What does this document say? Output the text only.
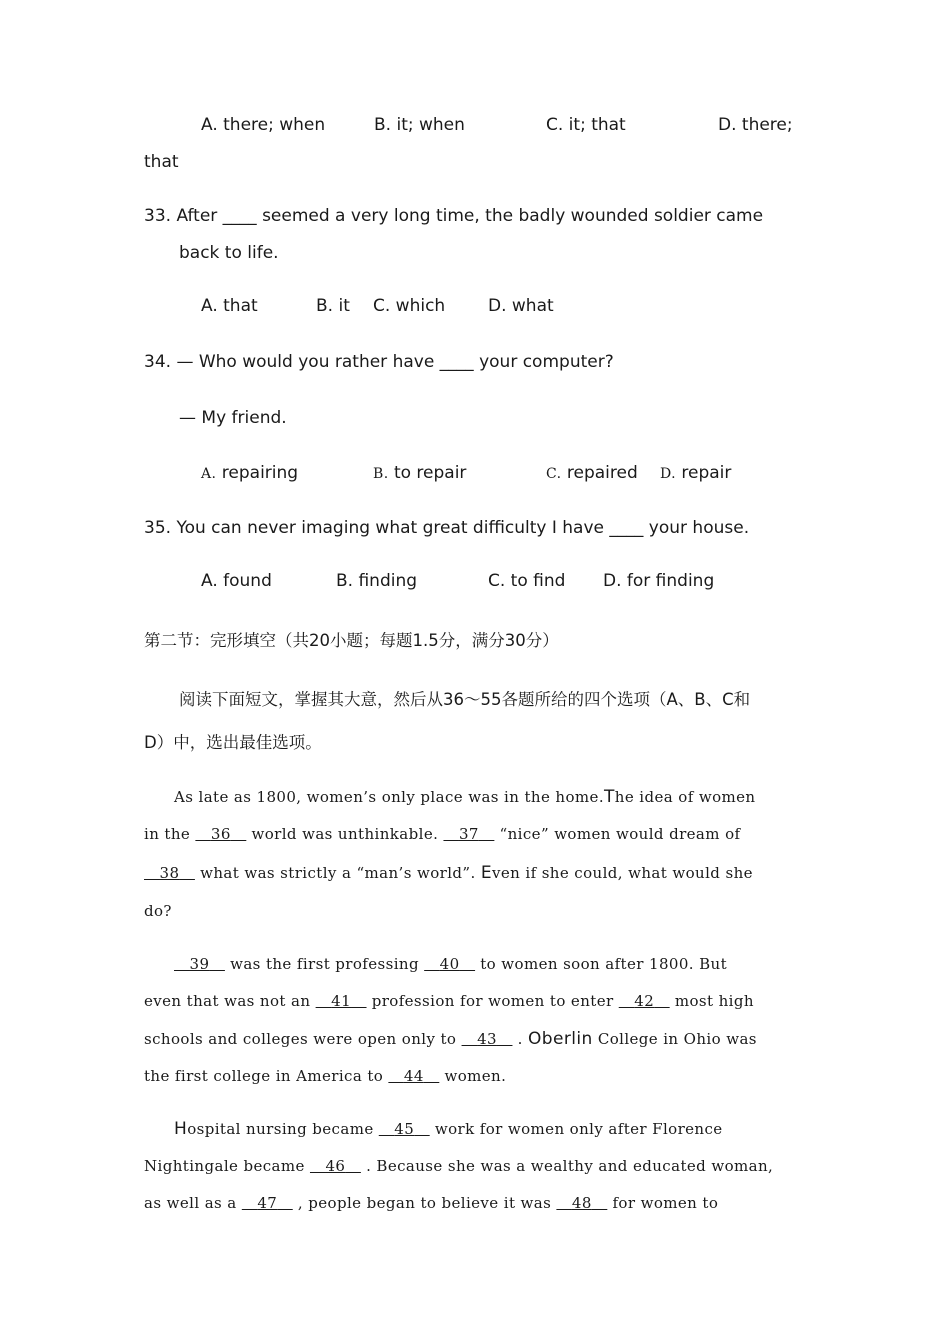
A. there; when	B. it; when	C. it; that	D. there;
that
33. After ____ seemed a very long time, the badly wounded soldier came
back to life.
A. that	B. it C. which	D. what
34. — Who would you rather have ____ your computer?
— My friend.
A. repairing	B. to repair	C. repaired D. repair
35. You can never imaging what great difficulty I have ____ your house.
A. found	B. finding	C. to find D. for finding
第二节：完形填空（共20小题；每题1.5分，满分30分）
阅读下面短文，掌握其大意，然后从36～55各题所给的四个选项（A、B、C和
D）中，选出最佳选项。
As late as 1800, women’s only place was in the home.The idea of women
in the 36 world was unthinkable. 37 “nice” women would dream of
38 what was strictly a “man’s world”. Even if she could, what would she
do?
39 was the first professing 40 to women soon after 1800. But
even that was not an 41 profession for women to enter 42 most high
schools and colleges were open only to 43 . Oberlin College in Ohio was
the first college in America to 44 women.
Hospital nursing became 45 work for women only after Florence
Nightingale became 46 . Because she was a wealthy and educated woman,
as well as a 47 , people began to believe it was 48 for women to
